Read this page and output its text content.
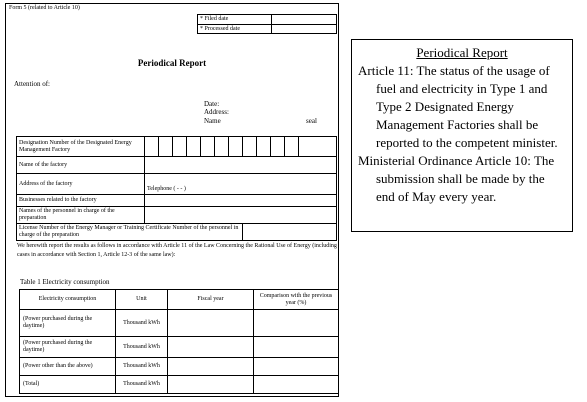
Form 5 (related to Article 10)
* Filed date
* Processed date
Periodical Report
Attention of:
Date:
Address:
Name	seal
Designation Number of the Designated Energy Management Factory												
Name of the factory												
Address of the factory	Telephone ( - - )											
Businesses related to the factory												
Names of the personnel in charge of the preparation												
License Number of the Energy Manager or Training Certificate Number of the personnel in charge of the preparation												
We herewith report the results as follows in accordance with Article 11 of the Law Concerning the Rational Use of Energy (including cases in accordance with Section 1, Article 12-3 of the same law):
Table 1 Electricity consumption
Electricity consumption	Unit	Fiscal year	Comparison with the previous year (%)
(Power purchased during the daytime)	Thousand kWh		
(Power purchased during the daytime)	Thousand kWh		
(Power other than the above)	Thousand kWh		
(Total)	Thousand kWh		
Periodical Report

Article 11: The status of the usage of fuel and electricity in Type 1 and Type 2 Designated Energy Management Factories shall be reported to the competent minister.

Ministerial Ordinance Article 10: The submission shall be made by the end of May every year.
